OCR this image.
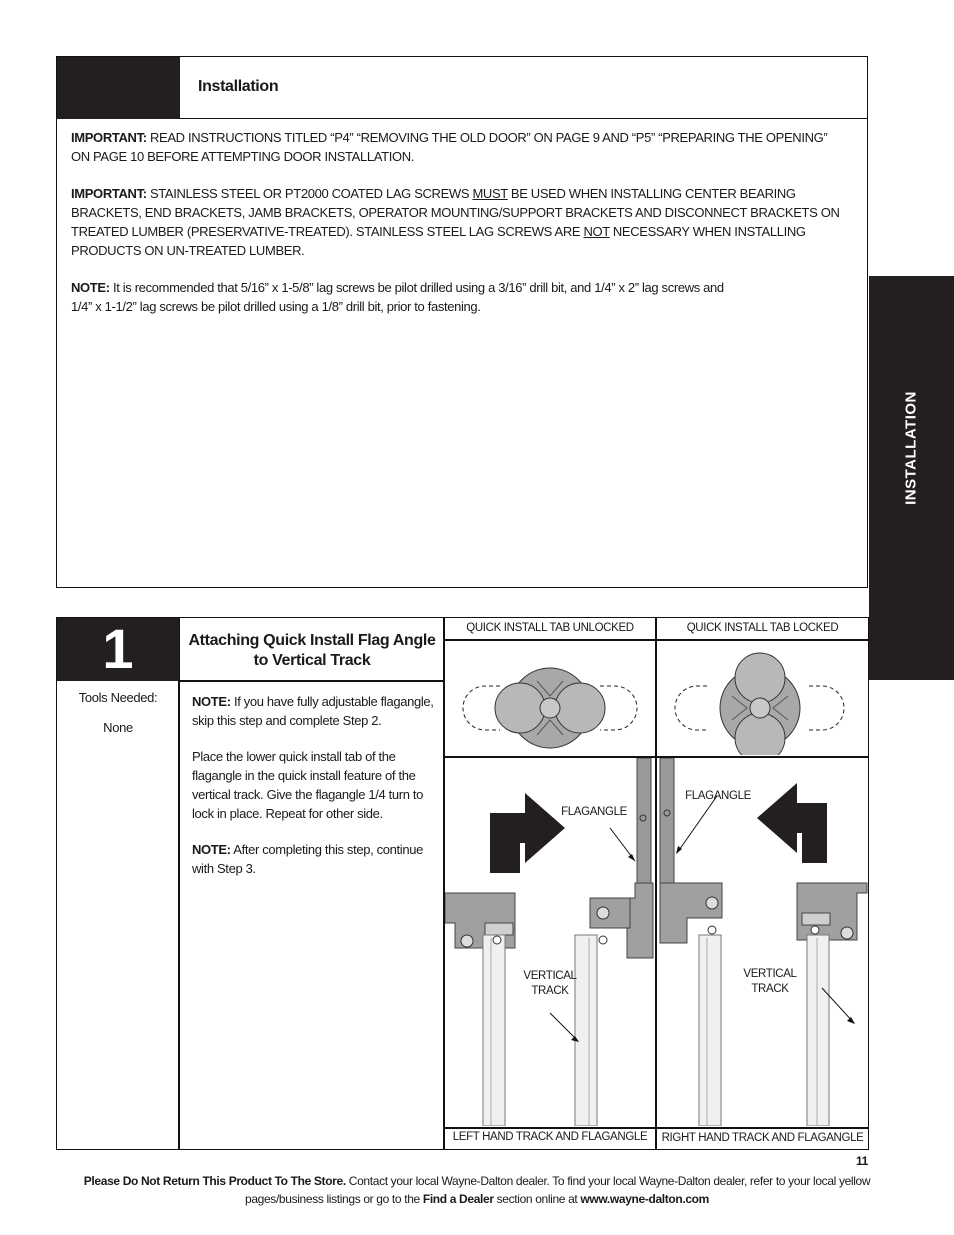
Installation
IMPORTANT: READ INSTRUCTIONS TITLED “P4” “REMOVING THE OLD DOOR” ON PAGE 9 AND “P5” “PREPARING THE OPENING” ON PAGE 10 BEFORE ATTEMPTING DOOR INSTALLATION.
IMPORTANT: STAINLESS STEEL OR PT2000 COATED LAG SCREWS MUST BE USED WHEN INSTALLING CENTER BEARING BRACKETS, END BRACKETS, JAMB BRACKETS, OPERATOR MOUNTING/SUPPORT BRACKETS AND DISCONNECT BRACKETS ON TREATED LUMBER (PRESERVATIVE-TREATED). STAINLESS STEEL LAG SCREWS ARE NOT NECESSARY WHEN INSTALLING PRODUCTS ON UN-TREATED LUMBER.
NOTE: It is recommended that 5/16” x 1-5/8” lag screws be pilot drilled using a 3/16” drill bit, and 1/4” x 2” lag screws and
1/4” x 1-1/2” lag screws be pilot drilled using a 1/8” drill bit, prior to fastening.
INSTALLATION
1	Attaching Quick Install Flag Angle to Vertical Track
Tools Needed:
None

NOTE: If you have fully adjustable flagangle, skip this step and complete Step 2.

Place the lower quick install tab of the flagangle in the quick install feature of the vertical track. Give the flagangle 1/4 turn to lock in place. Repeat for other side.

NOTE: After completing this step, continue with Step 3.

QUICK INSTALL TAB UNLOCKED	QUICK INSTALL TAB LOCKED
LEFT HAND TRACK AND FLAGANGLE	RIGHT HAND TRACK AND FLAGANGLE
FLAGANGLE
VERTICAL
TRACK
FLAGANGLE
VERTICAL
TRACK
11
Please Do Not Return This Product To The Store. Contact your local Wayne-Dalton dealer. To find your local Wayne-Dalton dealer, refer to your local yellow pages/business listings or go to the Find a Dealer section online at www.wayne-dalton.com
